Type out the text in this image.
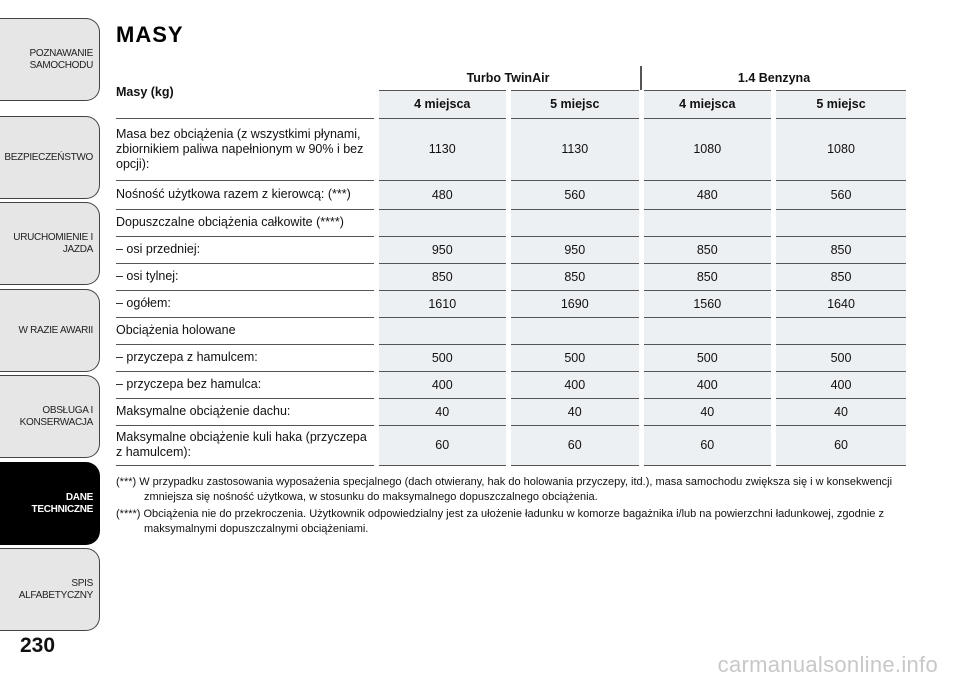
POZNAWANIE
SAMOCHODU
BEZPIECZEŃSTWO
URUCHOMIENIE I
JAZDA
W RAZIE AWARII
OBSŁUGA I
KONSERWACJA
DANE
TECHNICZNE
SPIS ALFABETYCZNY
230
MASY
Masy (kg)	Turbo TwinAir		1.4 Benzyna	
	4 miejsca	5 miejsc	4 miejsca	5 miejsc
Masa bez obciążenia (z wszystkimi płynami, zbiornikiem paliwa napełnionym w 90% i bez opcji):	1130	1130	1080	1080
Nośność użytkowa razem z kierowcą: (***)	480	560	480	560
Dopuszczalne obciążenia całkowite (****)				
– osi przedniej:	950	950	850	850
– osi tylnej:	850	850	850	850
– ogółem:	1610	1690	1560	1640
Obciążenia holowane				
– przyczepa z hamulcem:	500	500	500	500
– przyczepa bez hamulca:	400	400	400	400
Maksymalne obciążenie dachu:	40	40	40	40
Maksymalne obciążenie kuli haka (przyczepa z hamulcem):	60	60	60	60

(***) W przypadku zastosowania wyposażenia specjalnego (dach otwierany, hak do holowania przyczepy, itd.), masa samochodu zwiększa się i w konsekwencji zmniejsza się nośność użytkowa, w stosunku do maksymalnego dopuszczalnego obciążenia.

(****) Obciążenia nie do przekroczenia. Użytkownik odpowiedzialny jest za ułożenie ładunku w komorze bagażnika i/lub na powierzchni ładunkowej, zgodnie z maksymalnymi dopuszczalnymi obciążeniami.

carmanualsonline.info
